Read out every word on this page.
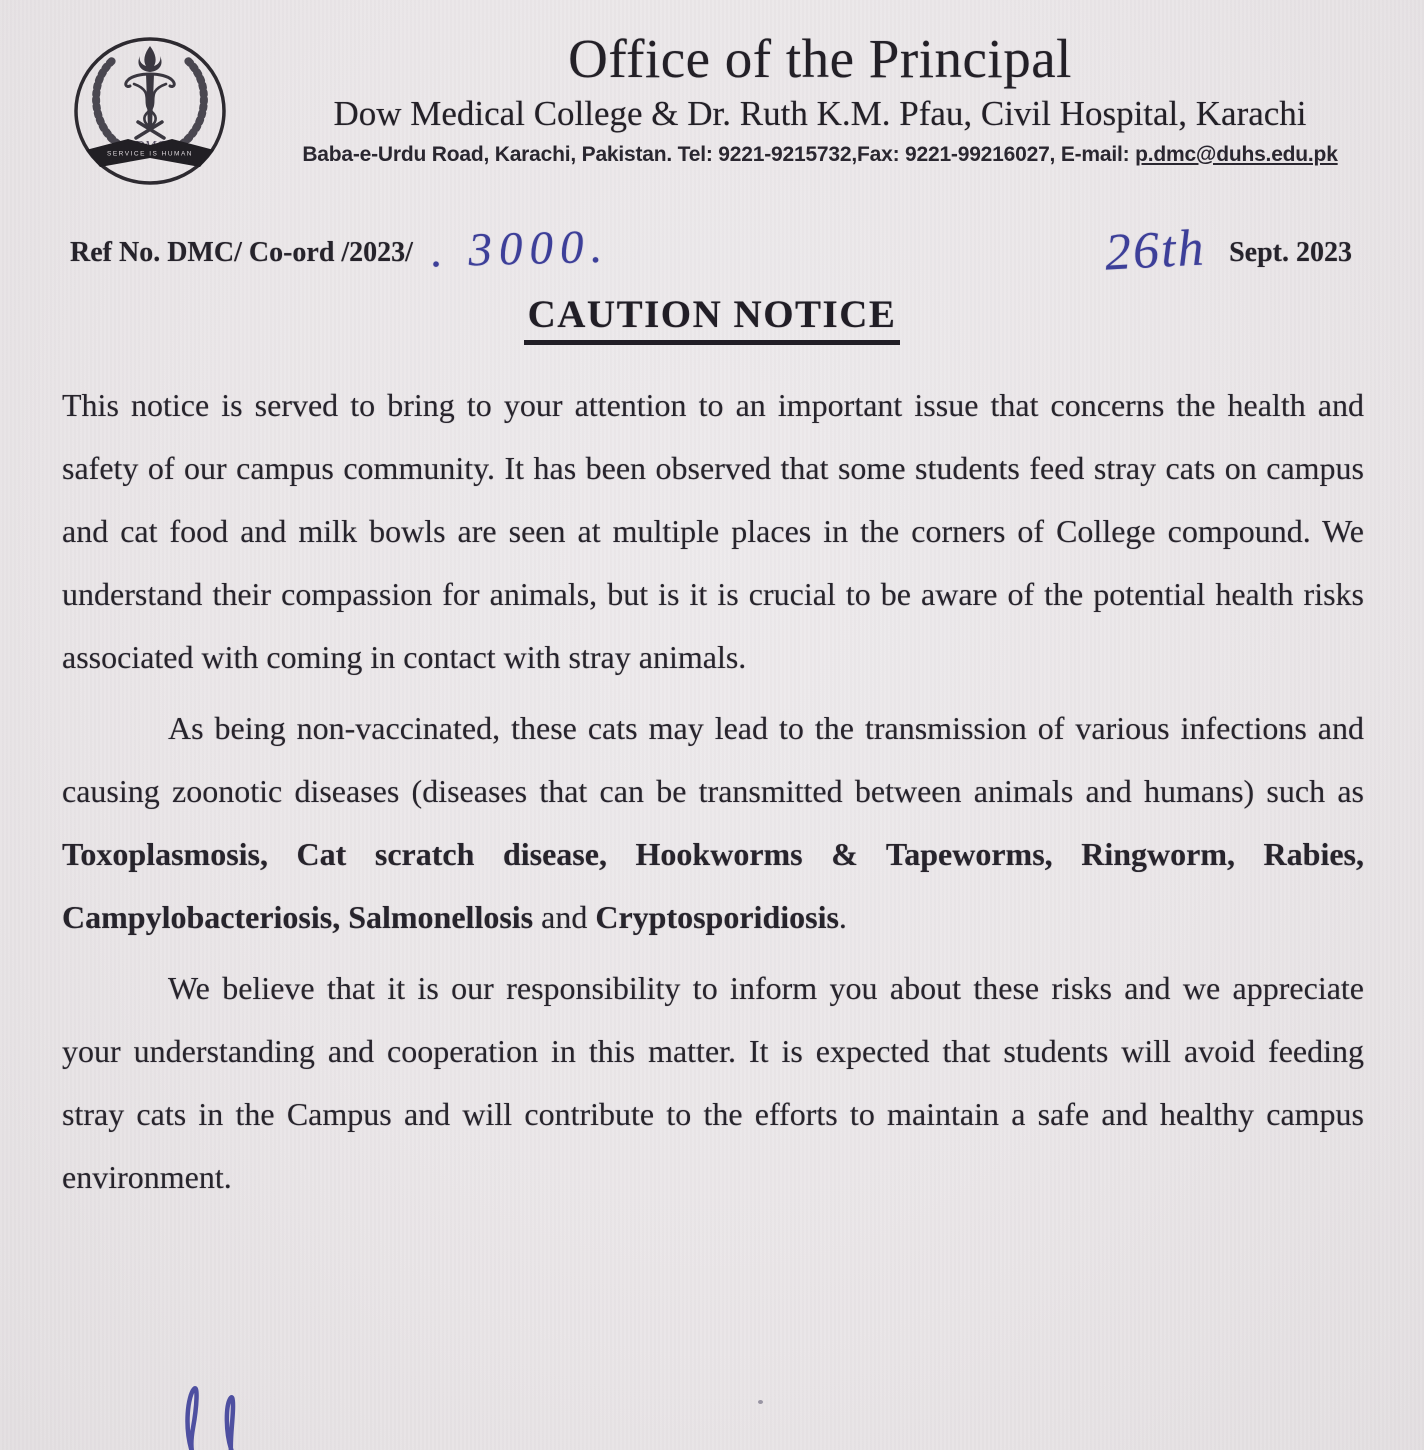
SERVICE IS HUMAN
Office of the Principal
Dow Medical College & Dr. Ruth K.M. Pfau, Civil Hospital, Karachi

Baba-e-Urdu Road, Karachi, Pakistan. Tel: 9221-9215732,Fax: 9221-99216027, E-mail: p.dmc@duhs.edu.pk

Ref No. DMC/ Co-ord /2023/ . 3000.	26th Sept. 2023
CAUTION NOTICE

This notice is served to bring to your attention to an important issue that concerns the health and safety of our campus community. It has been observed that some students feed stray cats on campus and cat food and milk bowls are seen at multiple places in the corners of College compound. We understand their compassion for animals, but is it is crucial to be aware of the potential health risks associated with coming in contact with stray animals.

As being non-vaccinated, these cats may lead to the transmission of various infections and causing zoonotic diseases (diseases that can be transmitted between animals and humans) such as Toxoplasmosis, Cat scratch disease, Hookworms & Tapeworms, Ringworm, Rabies, Campylobacteriosis, Salmonellosis and Cryptosporidiosis.

We believe that it is our responsibility to inform you about these risks and we appreciate your understanding and cooperation in this matter. It is expected that students will avoid feeding stray cats in the Campus and will contribute to the efforts to maintain a safe and healthy campus environment.
